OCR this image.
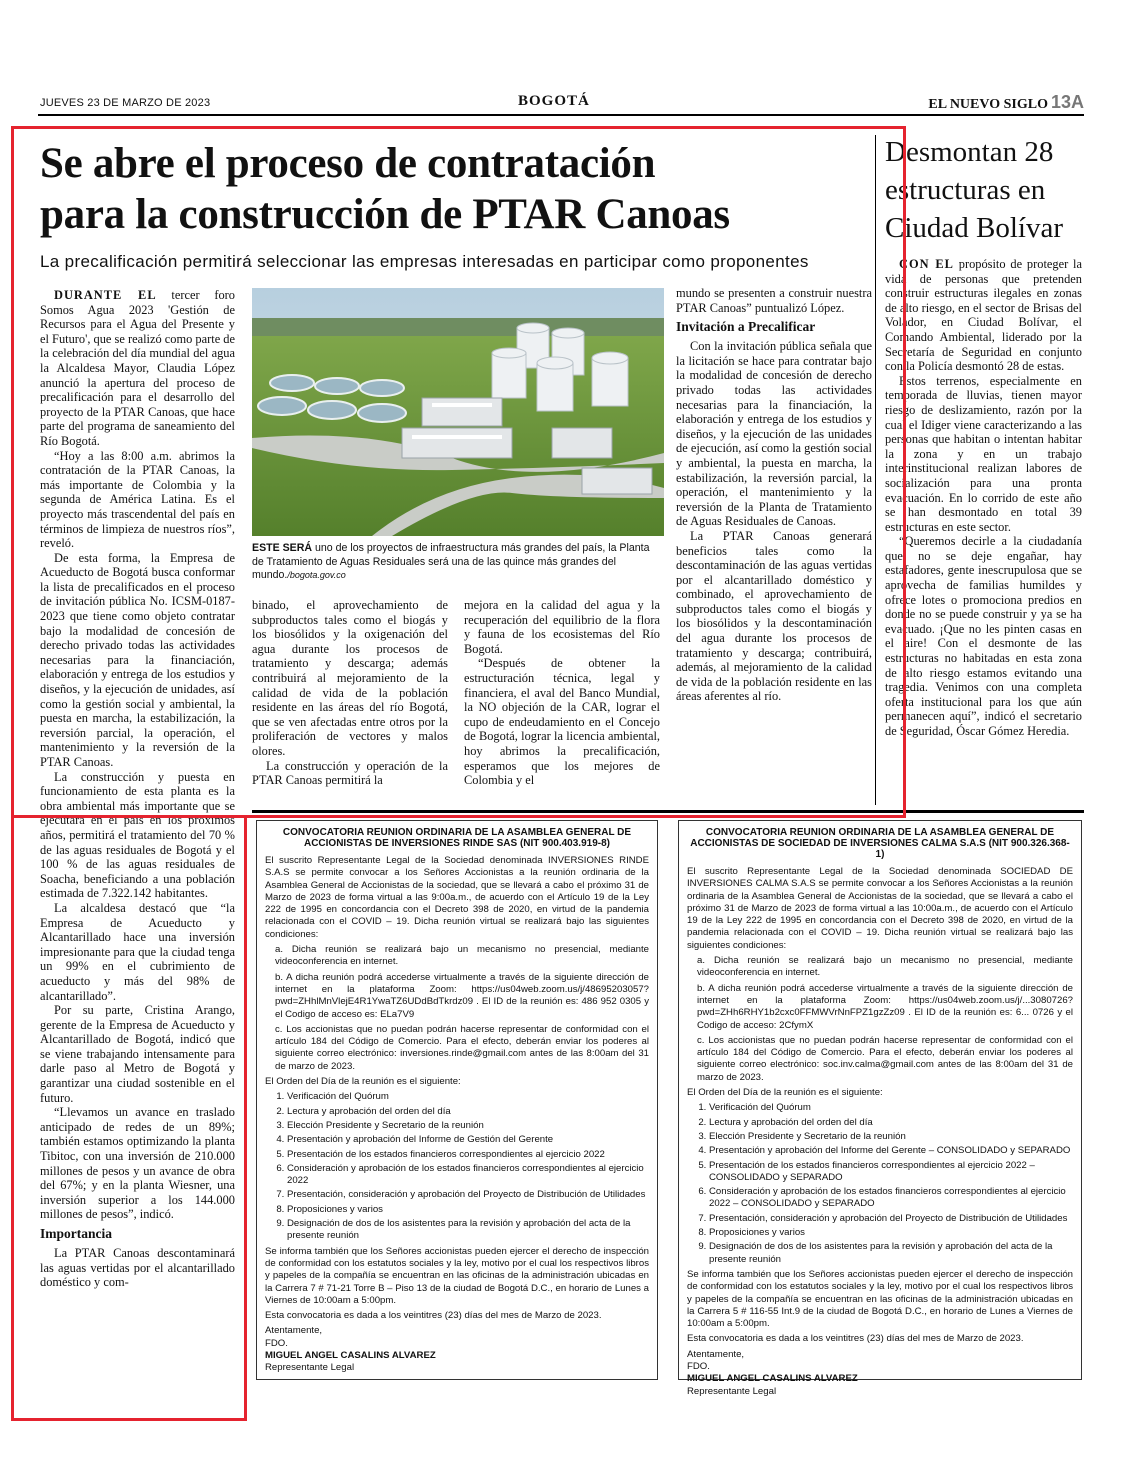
JUEVES 23 DE MARZO DE 2023	BOGOTÁ	EL NUEVO SIGLO 13A
Se abre el proceso de contratación
para la construcción de PTAR Canoas
La precalificación permitirá seleccionar las empresas interesadas en participar como proponentes

DURANTE EL tercer foro Somos Agua 2023 'Gestión de Recursos para el Agua del Presente y el Futuro', que se realizó como parte de la celebración del día mundial del agua la Alcaldesa Mayor, Claudia López anunció la apertura del proceso de precalificación para el desarrollo del proyecto de la PTAR Canoas, que hace parte del programa de saneamiento del Río Bogotá.

“Hoy a las 8:00 a.m. abrimos la contratación de la PTAR Canoas, la más importante de Colombia y la segunda de América Latina. Es el proyecto más trascendental del país en términos de limpieza de nuestros ríos”, reveló.

De esta forma, la Empresa de Acueducto de Bogotá busca conformar la lista de precalificados en el proceso de invitación pública No. ICSM-0187-2023 que tiene como objeto contratar bajo la modalidad de concesión de derecho privado todas las actividades necesarias para la financiación, elaboración y entrega de los estudios y diseños, y la ejecución de unidades, así como la gestión social y ambiental, la puesta en marcha, la estabilización, la reversión parcial, la operación, el mantenimiento y la reversión de la PTAR Canoas.

La construcción y puesta en funcionamiento de esta planta es la obra ambiental más importante que se ejecutará en el país en los próximos años, permitirá el tratamiento del 70 % de las aguas residuales de Bogotá y el 100 % de las aguas residuales de Soacha, beneficiando a una población estimada de 7.322.142 habitantes.

La alcaldesa destacó que “la Empresa de Acueducto y Alcantarillado hace una inversión impresionante para que la ciudad tenga un 99% en el cubrimiento de acueducto y más del 98% de alcantarillado”.

Por su parte, Cristina Arango, gerente de la Empresa de Acueducto y Alcantarillado de Bogotá, indicó que se viene trabajando intensamente para darle paso al Metro de Bogotá y garantizar una ciudad sostenible en el futuro.

“Llevamos un avance en traslado anticipado de redes de un 89%; también estamos optimizando la planta Tibitoc, con una inversión de 210.000 millones de pesos y un avance de obra del 67%; y en la planta Wiesner, una inversión superior a los 144.000 millones de pesos”, indicó.

Importancia

La PTAR Canoas descontaminará las aguas vertidas por el alcantarillado doméstico y com-

ESTE SERÁ uno de los proyectos de infraestructura más grandes del país, la Planta de Tratamiento de Aguas Residuales será una de las quince más grandes del mundo./bogota.gov.co

binado, el aprovechamiento de subproductos tales como el biogás y los biosólidos y la oxigenación del agua durante los procesos de tratamiento y descarga; además contribuirá al mejoramiento de la calidad de vida de la población residente en las áreas del río Bogotá, que se ven afectadas entre otros por la proliferación de vectores y malos olores.

La construcción y operación de la PTAR Canoas permitirá la

mejora en la calidad del agua y la recuperación del equilibrio de la flora y fauna de los ecosistemas del Río Bogotá.

“Después de obtener la estructuración técnica, legal y financiera, el aval del Banco Mundial, la NO objeción de la CAR, lograr el cupo de endeudamiento en el Concejo de Bogotá, lograr la licencia ambiental, hoy abrimos la precalificación, esperamos que los mejores de Colombia y el

mundo se presenten a construir nuestra PTAR Canoas” puntualizó López.

Invitación a Precalificar

Con la invitación pública señala que la licitación se hace para contratar bajo la modalidad de concesión de derecho privado todas las actividades necesarias para la financiación, la elaboración y entrega de los estudios y diseños, y la ejecución de las unidades de ejecución, así como la gestión social y ambiental, la puesta en marcha, la estabilización, la reversión parcial, la operación, el mantenimiento y la reversión de la Planta de Tratamiento de Aguas Residuales de Canoas.

La PTAR Canoas generará beneficios tales como la descontaminación de las aguas vertidas por el alcantarillado doméstico y combinado, el aprovechamiento de subproductos tales como el biogás y los biosólidos y la descontaminación del agua durante los procesos de tratamiento y descarga; contribuirá, además, al mejoramiento de la calidad de vida de la población residente en las áreas aferentes al río.

Desmontan 28
estructuras en
Ciudad Bolívar

CON EL propósito de proteger la vida de personas que pretenden construir estructuras ilegales en zonas de alto riesgo, en el sector de Brisas del Volador, en Ciudad Bolívar, el Comando Ambiental, liderado por la Secretaría de Seguridad en conjunto con la Policía desmontó 28 de estas.

Estos terrenos, especialmente en temporada de lluvias, tienen mayor riesgo de deslizamiento, razón por la cual el Idiger viene caracterizando a las personas que habitan o intentan habitar la zona y en un trabajo interinstitucional realizan labores de socialización para una pronta evacuación. En lo corrido de este año se han desmontado en total 39 estructuras en este sector.

“Queremos decirle a la ciudadanía que no se deje engañar, hay estafadores, gente inescrupulosa que se aprovecha de familias humildes y ofrece lotes o promociona predios en donde no se puede construir y ya se ha evacuado. ¡Que no les pinten casas en el aire! Con el desmonte de las estructuras no habitadas en esta zona de alto riesgo estamos evitando una tragedia. Venimos con una completa oferta institucional para los que aún permanecen aquí”, indicó el secretario de Seguridad, Óscar Gómez Heredia.

CONVOCATORIA REUNION ORDINARIA DE LA ASAMBLEA GENERAL DE ACCIONISTAS DE INVERSIONES RINDE SAS (NIT 900.403.919-8)

El suscrito Representante Legal de la Sociedad denominada INVERSIONES RINDE S.A.S se permite convocar a los Señores Accionistas a la reunión ordinaria de la Asamblea General de Accionistas de la sociedad, que se llevará a cabo el próximo 31 de Marzo de 2023 de forma virtual a las 9:00a.m., de acuerdo con el Artículo 19 de la Ley 222 de 1995 en concordancia con el Decreto 398 de 2020, en virtud de la pandemia relacionada con el COVID – 19. Dicha reunión virtual se realizará bajo las siguientes condiciones:

a. Dicha reunión se realizará bajo un mecanismo no presencial, mediante videoconferencia en internet.

b. A dicha reunión podrá accederse virtualmente a través de la siguiente dirección de internet en la plataforma Zoom: https://us04web.zoom.us/j/48695203057?pwd=ZHhlMnVlejE4R1YwaTZ6UDdBdTkrdz09 . El ID de la reunión es: 486 952 0305 y el Codigo de acceso es: ELa7V9

c. Los accionistas que no puedan podrán hacerse representar de conformidad con el artículo 184 del Código de Comercio. Para el efecto, deberán enviar los poderes al siguiente correo electrónico: inversiones.rinde@gmail.com antes de las 8:00am del 31 de marzo de 2023.

El Orden del Día de la reunión es el siguiente:

1. Verificación del Quórum
2. Lectura y aprobación del orden del día
3. Elección Presidente y Secretario de la reunión
4. Presentación y aprobación del Informe de Gestión del Gerente
5. Presentación de los estados financieros correspondientes al ejercicio 2022
6. Consideración y aprobación de los estados financieros correspondientes al ejercicio 2022
7. Presentación, consideración y aprobación del Proyecto de Distribución de Utilidades
8. Proposiciones y varios
9. Designación de dos de los asistentes para la revisión y aprobación del acta de la presente reunión

Se informa también que los Señores accionistas pueden ejercer el derecho de inspección de conformidad con los estatutos sociales y la ley, motivo por el cual los respectivos libros y papeles de la compañía se encuentran en las oficinas de la administración ubicadas en la Carrera 7 # 71-21 Torre B – Piso 13 de la ciudad de Bogotá D.C., en horario de Lunes a Viernes de 10:00am a 5:00pm.

Esta convocatoria es dada a los veintitres (23) días del mes de Marzo de 2023.

Atentamente,
FDO.
MIGUEL ANGEL CASALINS ALVAREZ
Representante Legal
CONVOCATORIA REUNION ORDINARIA DE LA ASAMBLEA GENERAL DE ACCIONISTAS DE SOCIEDAD DE INVERSIONES CALMA S.A.S (NIT 900.326.368-1)

El suscrito Representante Legal de la Sociedad denominada SOCIEDAD DE INVERSIONES CALMA S.A.S se permite convocar a los Señores Accionistas a la reunión ordinaria de la Asamblea General de Accionistas de la sociedad, que se llevará a cabo el próximo 31 de Marzo de 2023 de forma virtual a las 10:00a.m., de acuerdo con el Artículo 19 de la Ley 222 de 1995 en concordancia con el Decreto 398 de 2020, en virtud de la pandemia relacionada con el COVID – 19. Dicha reunión virtual se realizará bajo las siguientes condiciones:

a. Dicha reunión se realizará bajo un mecanismo no presencial, mediante videoconferencia en internet.

b. A dicha reunión podrá accederse virtualmente a través de la siguiente dirección de internet en la plataforma Zoom: https://us04web.zoom.us/j/...3080726?pwd=ZHh6RHY1b2cxc0FFMWVrNnFPZ1gzZz09 . El ID de la reunión es: 6... 0726 y el Codigo de acceso: 2CfymX

c. Los accionistas que no puedan podrán hacerse representar de conformidad con el artículo 184 del Código de Comercio. Para el efecto, deberán enviar los poderes al siguiente correo electrónico: soc.inv.calma@gmail.com antes de las 8:00am del 31 de marzo de 2023.

El Orden del Día de la reunión es el siguiente:

1. Verificación del Quórum
2. Lectura y aprobación del orden del día
3. Elección Presidente y Secretario de la reunión
4. Presentación y aprobación del Informe del Gerente – CONSOLIDADO y SEPARADO
5. Presentación de los estados financieros correspondientes al ejercicio 2022 – CONSOLIDADO y SEPARADO
6. Consideración y aprobación de los estados financieros correspondientes al ejercicio 2022 – CONSOLIDADO y SEPARADO
7. Presentación, consideración y aprobación del Proyecto de Distribución de Utilidades
8. Proposiciones y varios
9. Designación de dos de los asistentes para la revisión y aprobación del acta de la presente reunión

Se informa también que los Señores accionistas pueden ejercer el derecho de inspección de conformidad con los estatutos sociales y la ley, motivo por el cual los respectivos libros y papeles de la compañía se encuentran en las oficinas de la administración ubicadas en la Carrera 5 # 116-55 Int.9 de la ciudad de Bogotá D.C., en horario de Lunes a Viernes de 10:00am a 5:00pm.

Esta convocatoria es dada a los veintitres (23) días del mes de Marzo de 2023.

Atentamente,
FDO.
MIGUEL ANGEL CASALINS ALVAREZ
Representante Legal
